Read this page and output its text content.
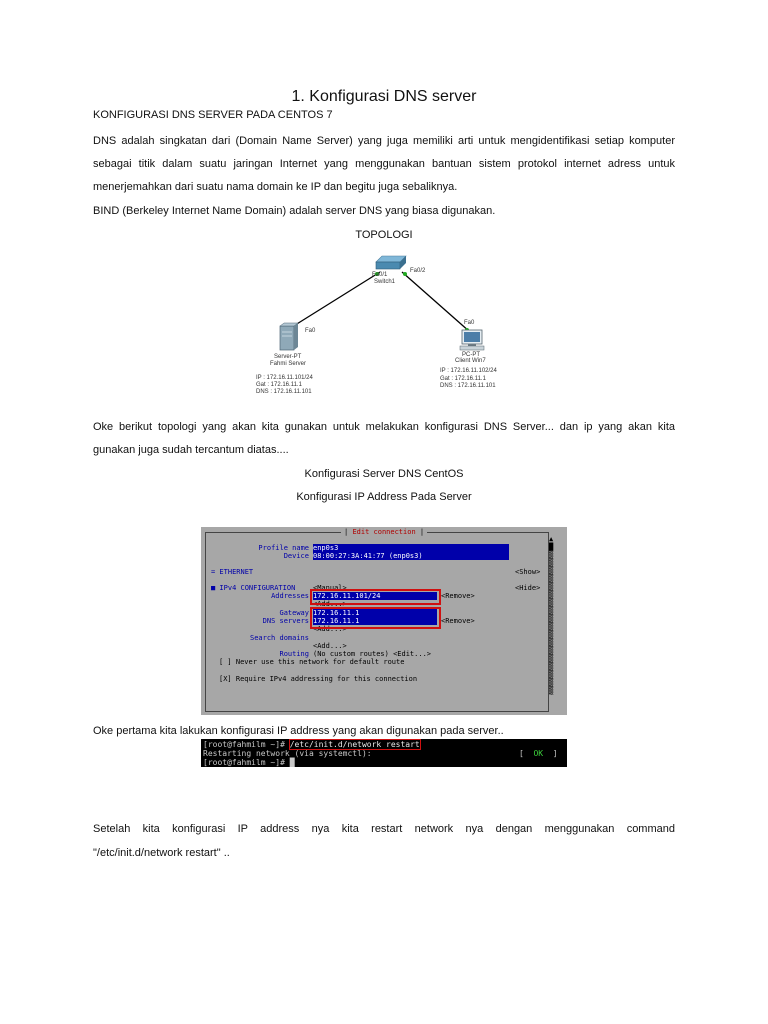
1. Konfigurasi DNS server
KONFIGURASI DNS SERVER PADA CENTOS 7
DNS adalah singkatan dari (Domain Name Server) yang juga memiliki arti untuk mengidentifikasi setiap komputer
sebagai titik dalam suatu jaringan Internet yang menggunakan bantuan sistem protokol internet adress untuk
menerjemahkan dari suatu nama domain ke IP dan begitu juga sebaliknya.
BIND (Berkeley Internet Name Domain) adalah server DNS yang biasa digunakan.
TOPOLOGI
Fa0/1
Fa0/2
Switch1
Fa0
Server-PT
Fahmi Server
IP : 172.16.11.101/24
Gat : 172.16.11.1
DNS : 172.16.11.101
Fa0
PC-PT
Client Win7
IP : 172.16.11.102/24
Gat : 172.16.11.1
DNS : 172.16.11.101
Oke berikut topologi yang akan kita gunakan untuk melakukan konfigurasi DNS Server... dan ip yang akan kita
gunakan juga sudah tercantum diatas....
Konfigurasi Server DNS CentOS
Konfigurasi IP Address Pada Server
| Edit connection |
▲
█
▒
▒
▒
▒
▒
▒
▒
▒
▒
▒
▒
▒
▒
▒
▒
▒
▒
▒
Profile name enp0s3
Device 08:00:27:3A:41:77 (enp0s3)
= ETHERNET	<Show>
■ IPv4 CONFIGURATION	<Manual>	<Hide>
Addresses 172.16.11.101/24	<Remove>
<Add...>
Gateway 172.16.11.1
DNS servers 172.16.11.1	<Remove>
<Add...>
Search domains
<Add...>
Routing (No custom routes) <Edit...>
[ ] Never use this network for default route
[X] Require IPv4 addressing for this connection
Oke pertama kita lakukan konfigurasi IP address yang akan digunakan pada server..
[root@fahmilm ~]# /etc/init.d/network restart
Restarting network (via systemctl):	[  OK  ]
[root@fahmilm ~]# █
Setelah kita konfigurasi IP address nya kita restart network nya dengan menggunakan command
"/etc/init.d/network restart" ..
